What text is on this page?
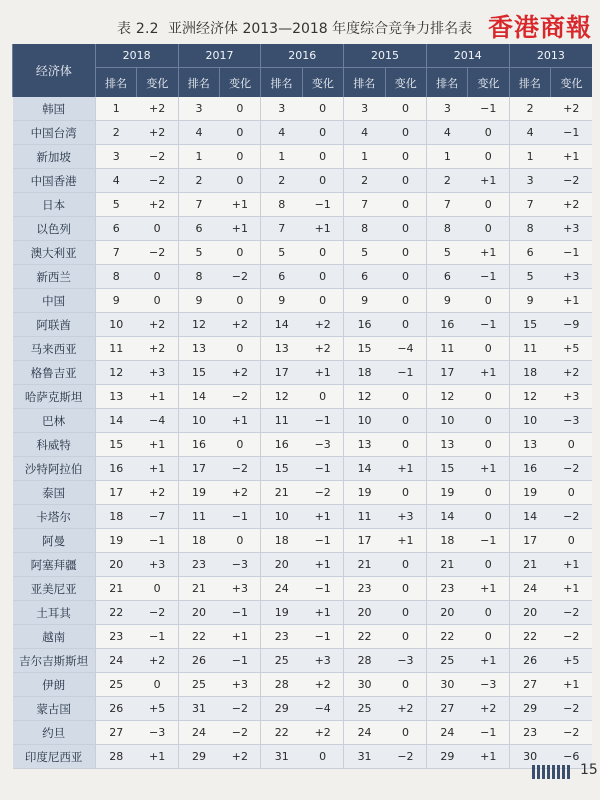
表 2.2 亚洲经济体 2013—2018 年度综合竞争力排名表 香港商報
经济体	2018		2017		2016		2015		2014		2013	
	排名	变化	排名	变化	排名	变化	排名	变化	排名	变化	排名	变化
韩国	1	+2	3	0	3	0	3	0	3	−1	2	+2
中国台湾	2	+2	4	0	4	0	4	0	4	0	4	−1
新加坡	3	−2	1	0	1	0	1	0	1	0	1	+1
中国香港	4	−2	2	0	2	0	2	0	2	+1	3	−2
日本	5	+2	7	+1	8	−1	7	0	7	0	7	+2
以色列	6	0	6	+1	7	+1	8	0	8	0	8	+3
澳大利亚	7	−2	5	0	5	0	5	0	5	+1	6	−1
新西兰	8	0	8	−2	6	0	6	0	6	−1	5	+3
中国	9	0	9	0	9	0	9	0	9	0	9	+1
阿联酋	10	+2	12	+2	14	+2	16	0	16	−1	15	−9
马来西亚	11	+2	13	0	13	+2	15	−4	11	0	11	+5
格鲁吉亚	12	+3	15	+2	17	+1	18	−1	17	+1	18	+2
哈萨克斯坦	13	+1	14	−2	12	0	12	0	12	0	12	+3
巴林	14	−4	10	+1	11	−1	10	0	10	0	10	−3
科威特	15	+1	16	0	16	−3	13	0	13	0	13	0
沙特阿拉伯	16	+1	17	−2	15	−1	14	+1	15	+1	16	−2
泰国	17	+2	19	+2	21	−2	19	0	19	0	19	0
卡塔尔	18	−7	11	−1	10	+1	11	+3	14	0	14	−2
阿曼	19	−1	18	0	18	−1	17	+1	18	−1	17	0
阿塞拜疆	20	+3	23	−3	20	+1	21	0	21	0	21	+1
亚美尼亚	21	0	21	+3	24	−1	23	0	23	+1	24	+1
土耳其	22	−2	20	−1	19	+1	20	0	20	0	20	−2
越南	23	−1	22	+1	23	−1	22	0	22	0	22	−2
吉尔吉斯斯坦	24	+2	26	−1	25	+3	28	−3	25	+1	26	+5
伊朗	25	0	25	+3	28	+2	30	0	30	−3	27	+1
蒙古国	26	+5	31	−2	29	−4	25	+2	27	+2	29	−2
约旦	27	−3	24	−2	22	+2	24	0	24	−1	23	−2
印度尼西亚	28	+1	29	+2	31	0	31	−2	29	+1	30	−6
15
